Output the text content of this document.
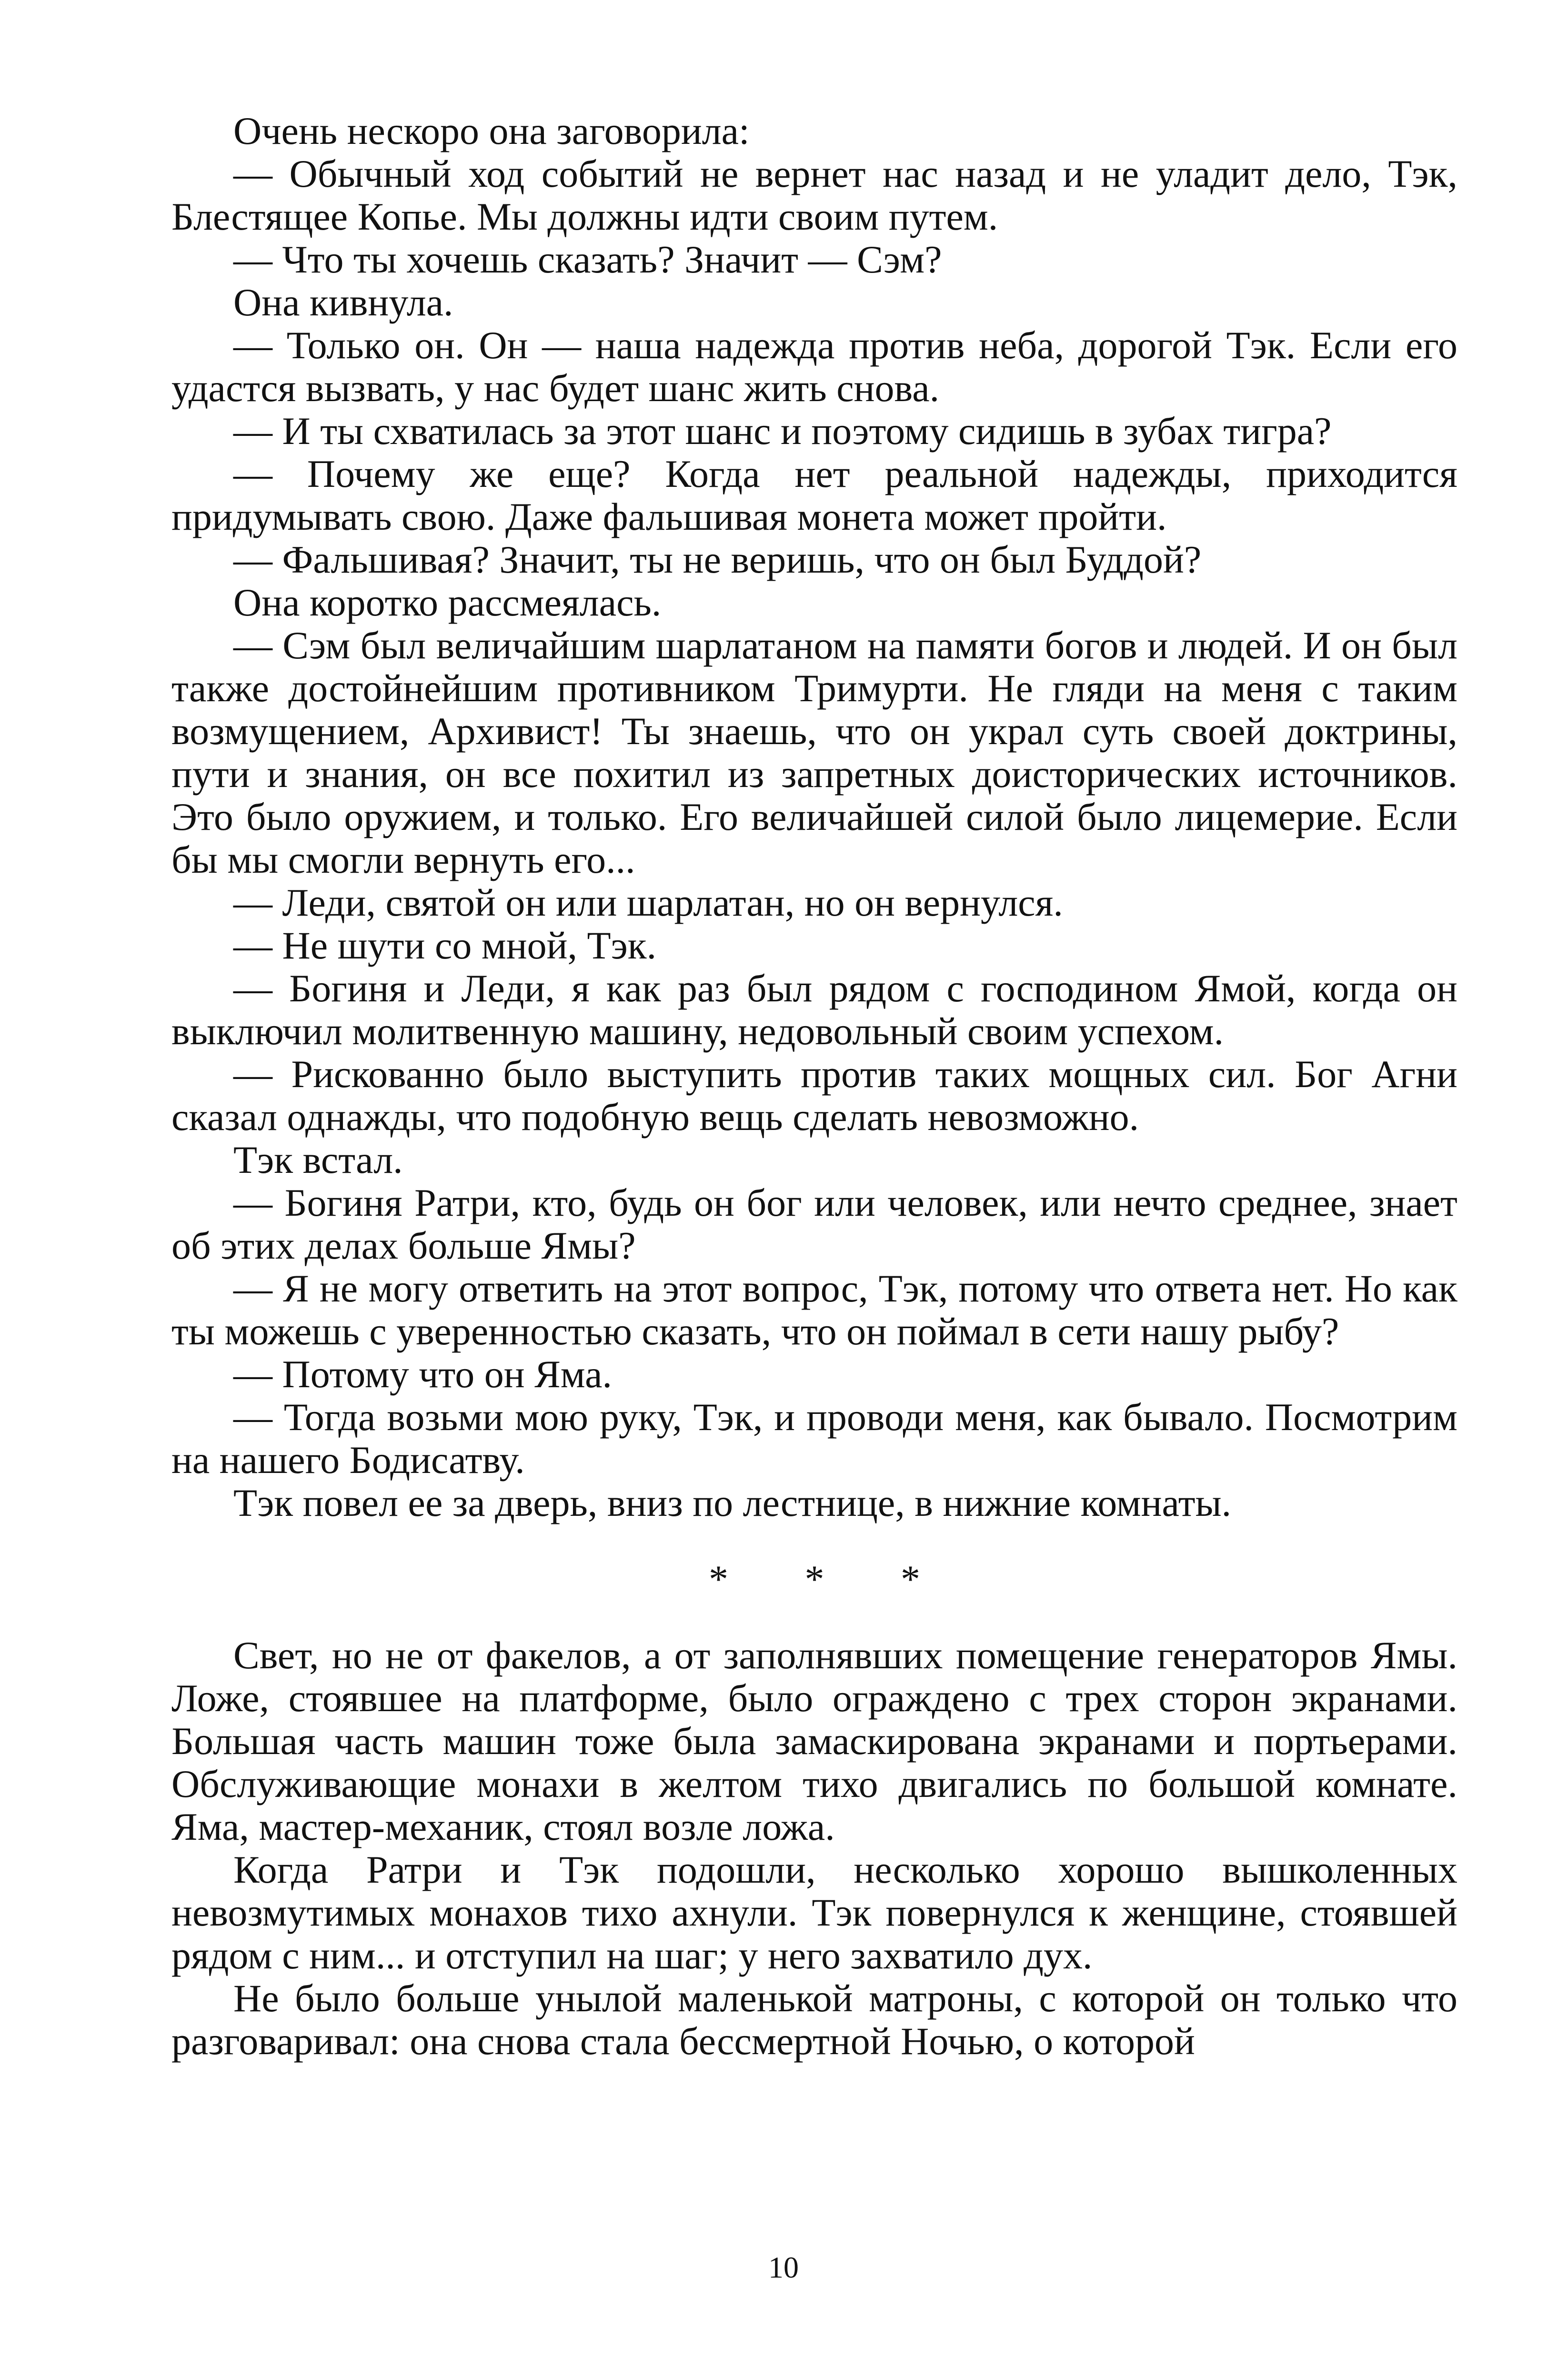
Очень нескоро она заговорила:

— Обычный ход событий не вернет нас назад и не уладит дело, Тэк, Блестящее Копье. Мы должны идти своим путем.

— Что ты хочешь сказать? Значит — Сэм?

Она кивнула.

— Только он. Он — наша надежда против неба, дорогой Тэк. Если его удастся вызвать, у нас будет шанс жить снова.

— И ты схватилась за этот шанс и поэтому сидишь в зубах тигра?

— Почему же еще? Когда нет реальной надежды, приходится придумывать свою. Даже фальшивая монета может пройти.

— Фальшивая? Значит, ты не веришь, что он был Буддой?

Она коротко рассмеялась.

— Сэм был величайшим шарлатаном на памяти богов и людей. И он был также достойнейшим противником Тримурти. Не гляди на меня с таким возмущением, Архивист! Ты знаешь, что он украл суть своей доктрины, пути и знания, он все похитил из запретных доисторических источников. Это было оружием, и только. Его величайшей силой было лицемерие. Если бы мы смогли вернуть его...

— Леди, святой он или шарлатан, но он вернулся.

— Не шути со мной, Тэк.

— Богиня и Леди, я как раз был рядом с господином Ямой, когда он выключил молитвенную машину, недовольный своим успехом.

— Рискованно было выступить против таких мощных сил. Бог Агни сказал однажды, что подобную вещь сделать невозможно.

Тэк встал.

— Богиня Ратри, кто, будь он бог или человек, или нечто среднее, знает об этих делах больше Ямы?

— Я не могу ответить на этот вопрос, Тэк, потому что ответа нет. Но как ты можешь с уверенностью сказать, что он поймал в сети нашу рыбу?

— Потому что он Яма.

— Тогда возьми мою руку, Тэк, и проводи меня, как бывало. Посмотрим на нашего Бодисатву.

Тэк повел ее за дверь, вниз по лестнице, в нижние комнаты.

* * *

Свет, но не от факелов, а от заполнявших помещение генераторов Ямы. Ложе, стоявшее на платформе, было ограждено с трех сторон экранами. Большая часть машин тоже была замаскирована экранами и портьерами. Обслуживающие монахи в желтом тихо двигались по большой комнате. Яма, мастер-механик, стоял возле ложа.

Когда Ратри и Тэк подошли, несколько хорошо вышколенных невозмутимых монахов тихо ахнули. Тэк повернулся к женщине, стоявшей рядом с ним... и отступил на шаг; у него захватило дух.

Не было больше унылой маленькой матроны, с которой он только что разговаривал: она снова стала бессмертной Ночью, о которой

10
